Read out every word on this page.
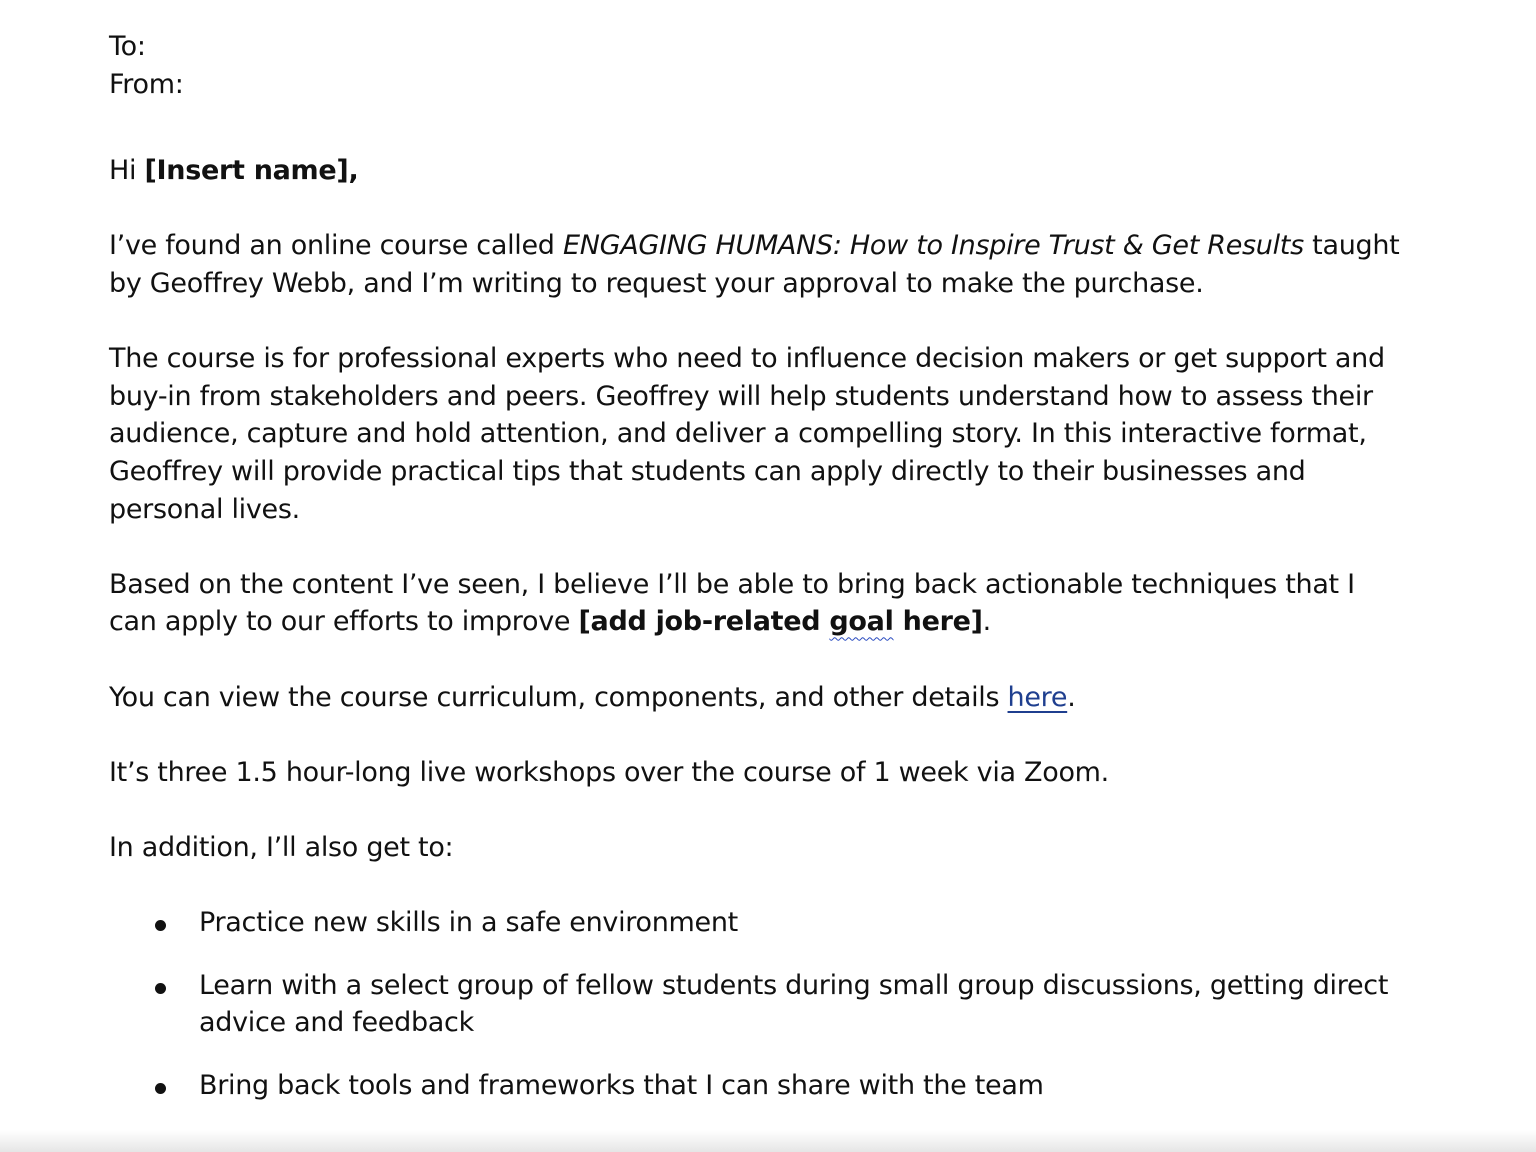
To:
From:

Hi [Insert name],

I’ve found an online course called ENGAGING HUMANS: How to Inspire Trust & Get Results taught by Geoffrey Webb, and I’m writing to request your approval to make the purchase.

The course is for professional experts who need to influence decision makers or get support and buy-in from stakeholders and peers. Geoffrey will help students understand how to assess their audience, capture and hold attention, and deliver a compelling story. In this interactive format, Geoffrey will provide practical tips that students can apply directly to their businesses and personal lives.

Based on the content I’ve seen, I believe I’ll be able to bring back actionable techniques that I can apply to our efforts to improve [add job-related goal here].

You can view the course curriculum, components, and other details here.

It’s three 1.5 hour-long live workshops over the course of 1 week via Zoom.

In addition, I’ll also get to:

Practice new skills in a safe environment
Learn with a select group of fellow students during small group discussions, getting direct advice and feedback
Bring back tools and frameworks that I can share with the team
